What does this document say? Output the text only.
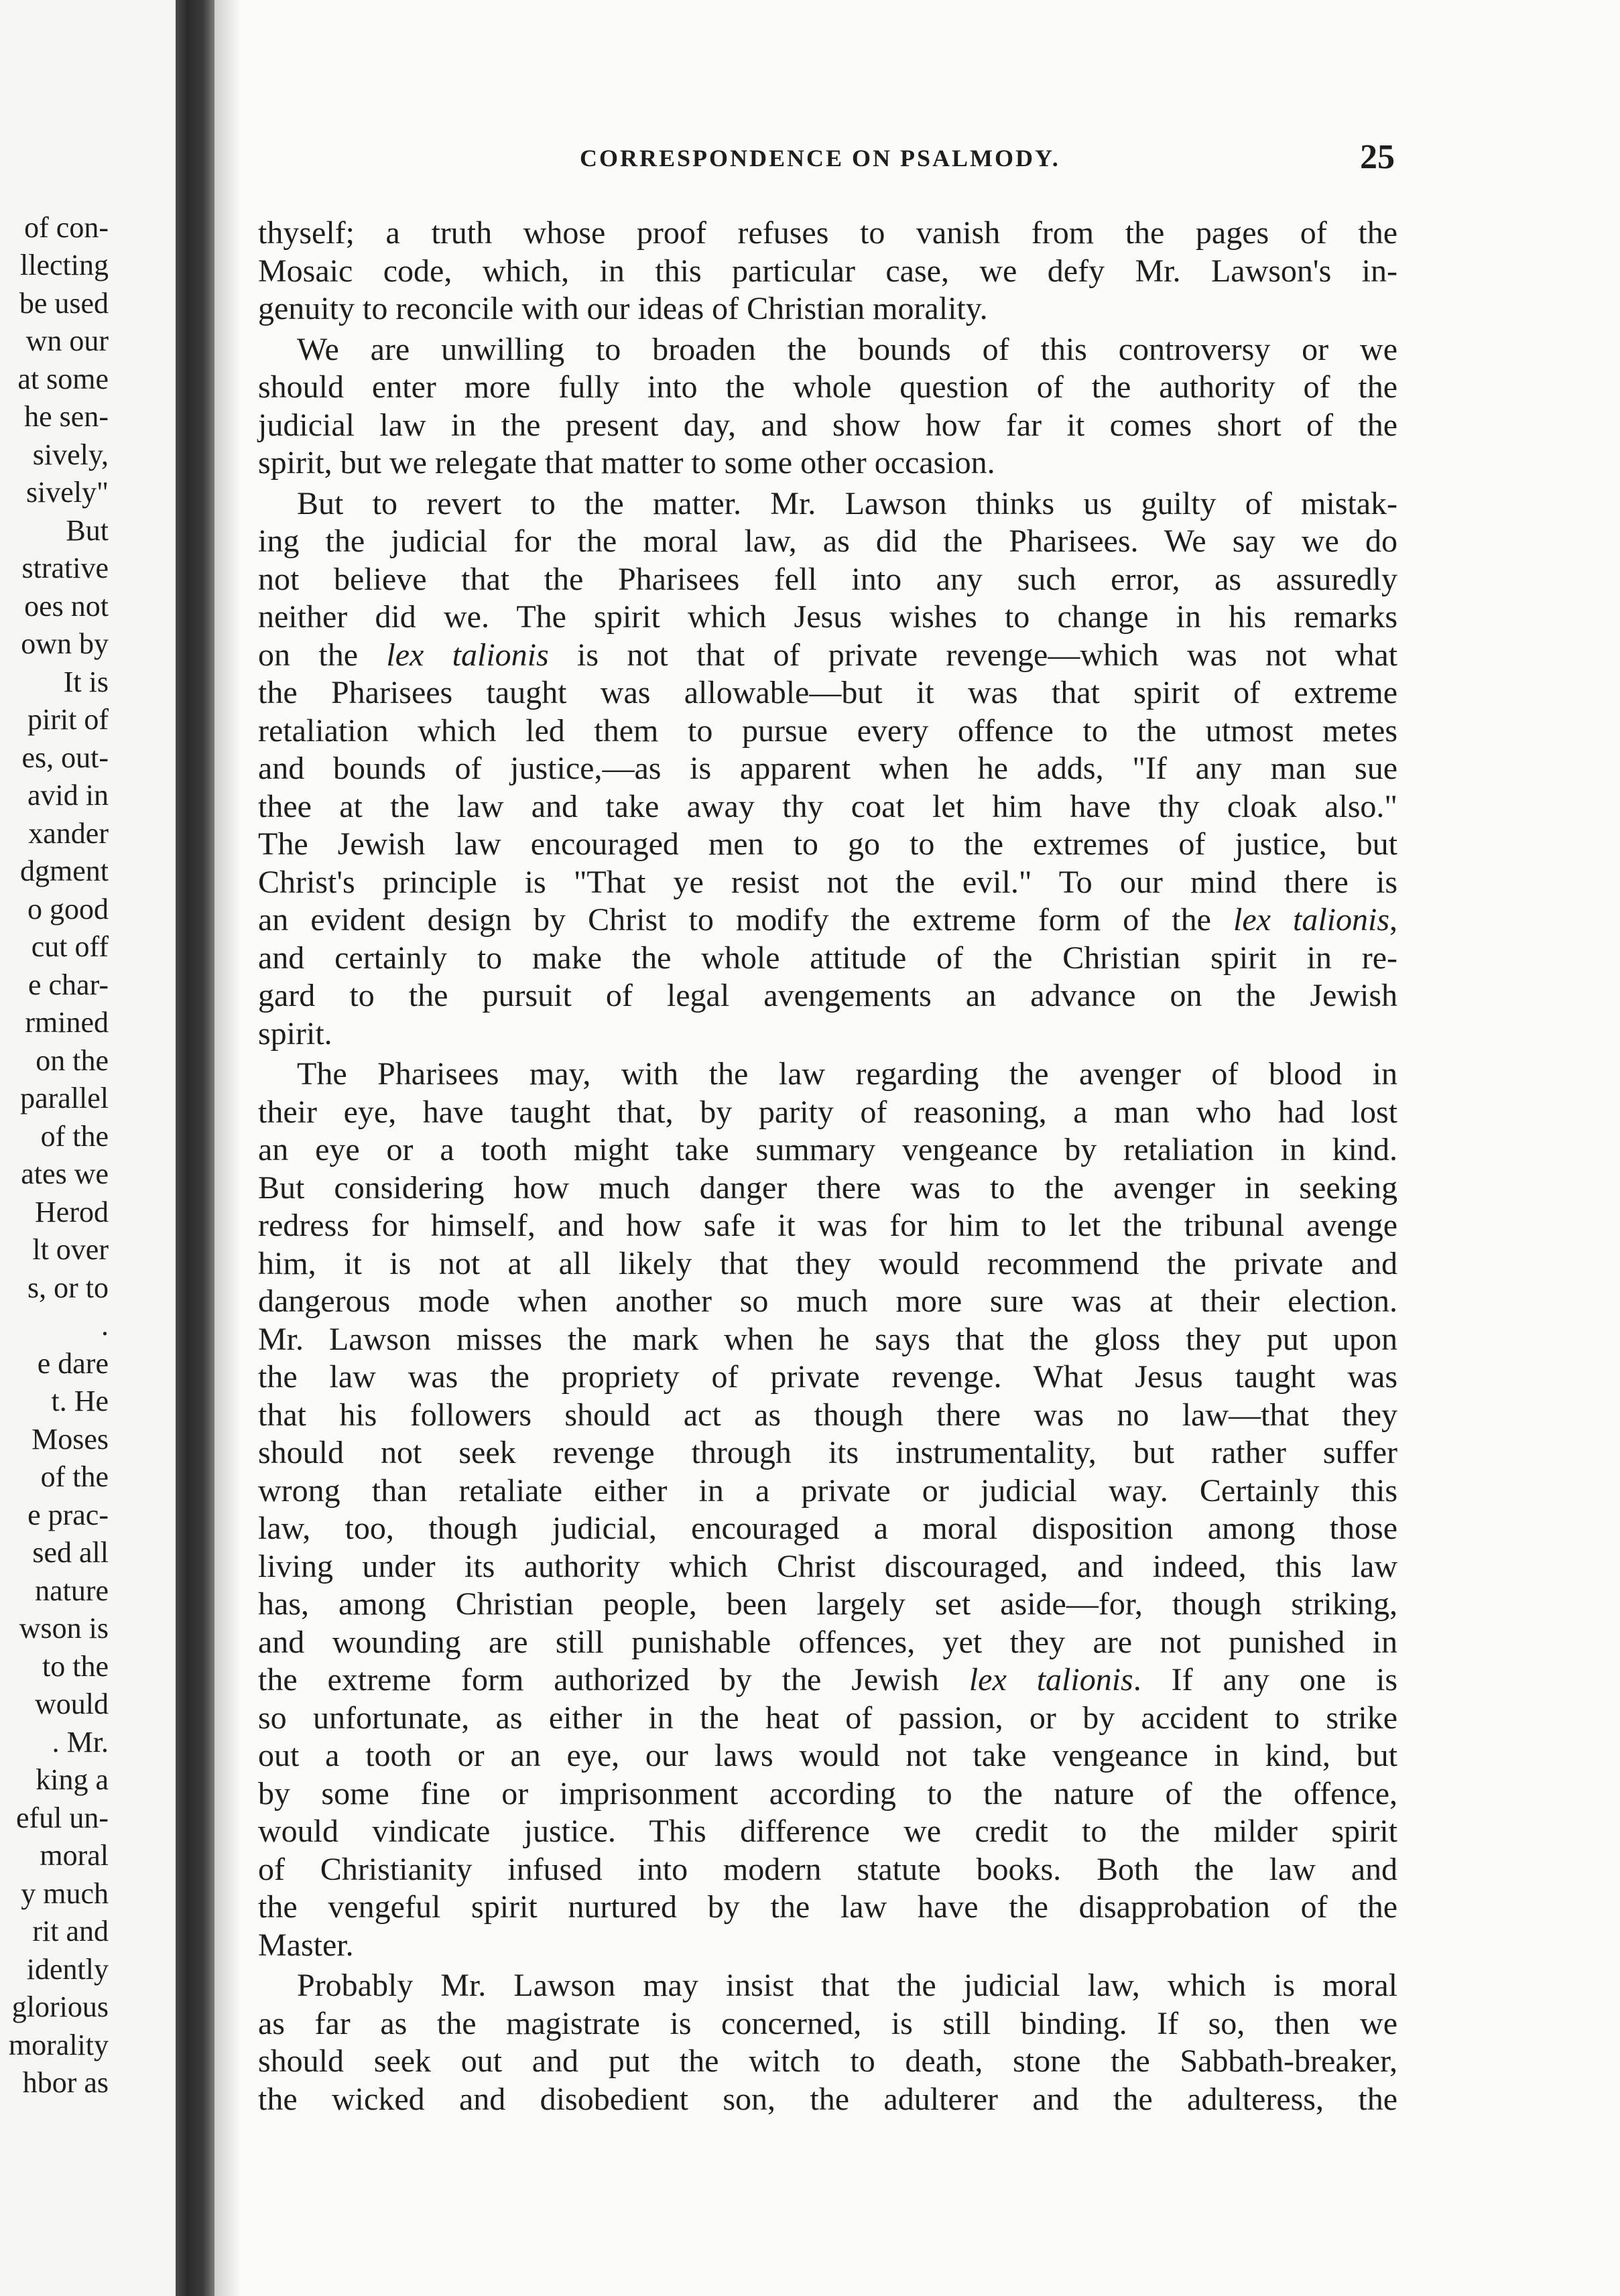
of con-
llecting
be used
wn our
at some
he sen-
sively,
sively"
But
strative
oes not
own by
It is
pirit of
es, out-
avid in
xander
dgment
o good
cut off
e char-
rmined
on the
parallel
of the
ates we
Herod
lt over
s, or to
.
e dare
t. He
Moses
of the
e prac-
sed all
nature
wson is
to the
would
. Mr.
king a
eful un-
moral
y much
rit and
idently
glorious
morality
hbor as
CORRESPONDENCE ON PSALMODY.	25
thyself; a truth whose proof refuses to vanish from the pages of the
Mosaic code, which, in this particular case, we defy Mr. Lawson's in-
genuity to reconcile with our ideas of Christian morality.
We are unwilling to broaden the bounds of this controversy or we
should enter more fully into the whole question of the authority of the
judicial law in the present day, and show how far it comes short of the
spirit, but we relegate that matter to some other occasion.
But to revert to the matter. Mr. Lawson thinks us guilty of mistak-
ing the judicial for the moral law, as did the Pharisees. We say we do
not believe that the Pharisees fell into any such error, as assuredly
neither did we. The spirit which Jesus wishes to change in his remarks
on the lex talionis is not that of private revenge—which was not what
the Pharisees taught was allowable—but it was that spirit of extreme
retaliation which led them to pursue every offence to the utmost metes
and bounds of justice,—as is apparent when he adds, "If any man sue
thee at the law and take away thy coat let him have thy cloak also."
The Jewish law encouraged men to go to the extremes of justice, but
Christ's principle is "That ye resist not the evil." To our mind there is
an evident design by Christ to modify the extreme form of the lex talionis,
and certainly to make the whole attitude of the Christian spirit in re-
gard to the pursuit of legal avengements an advance on the Jewish
spirit.
The Pharisees may, with the law regarding the avenger of blood in
their eye, have taught that, by parity of reasoning, a man who had lost
an eye or a tooth might take summary vengeance by retaliation in kind.
But considering how much danger there was to the avenger in seeking
redress for himself, and how safe it was for him to let the tribunal avenge
him, it is not at all likely that they would recommend the private and
dangerous mode when another so much more sure was at their election.
Mr. Lawson misses the mark when he says that the gloss they put upon
the law was the propriety of private revenge. What Jesus taught was
that his followers should act as though there was no law—that they
should not seek revenge through its instrumentality, but rather suffer
wrong than retaliate either in a private or judicial way. Certainly this
law, too, though judicial, encouraged a moral disposition among those
living under its authority which Christ discouraged, and indeed, this law
has, among Christian people, been largely set aside—for, though striking,
and wounding are still punishable offences, yet they are not punished in
the extreme form authorized by the Jewish lex talionis. If any one is
so unfortunate, as either in the heat of passion, or by accident to strike
out a tooth or an eye, our laws would not take vengeance in kind, but
by some fine or imprisonment according to the nature of the offence,
would vindicate justice. This difference we credit to the milder spirit
of Christianity infused into modern statute books. Both the law and
the vengeful spirit nurtured by the law have the disapprobation of the
Master.
Probably Mr. Lawson may insist that the judicial law, which is moral
as far as the magistrate is concerned, is still binding. If so, then we
should seek out and put the witch to death, stone the Sabbath-breaker,
the wicked and disobedient son, the adulterer and the adulteress, the
